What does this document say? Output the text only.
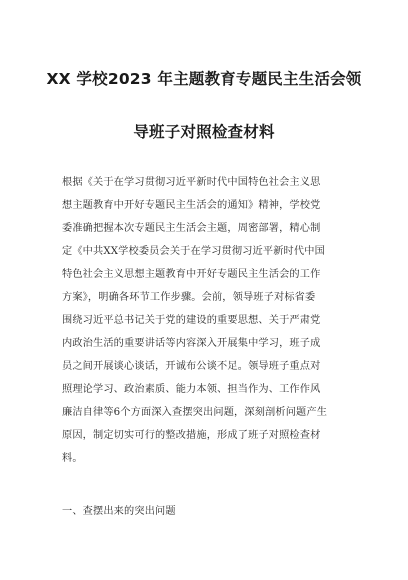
XX 学校2023 年主题教育专题民主生活会领
导班子对照检查材料
根据《关于在学习贯彻习近平新时代中国特色社会主义思
想主题教育中开好专题民主生活会的通知》精神，学校党
委准确把握本次专题民主生活会主题，周密部署，精心制
定《中共XX学校委员会关于在学习贯彻习近平新时代中国
特色社会主义思想主题教育中开好专题民主生活会的工作
方案》，明确各环节工作步骤。会前，领导班子对标省委
围绕习近平总书记关于党的建设的重要思想、关于严肃党
内政治生活的重要讲话等内容深入开展集中学习，班子成
员之间开展谈心谈话，开诚布公谈不足。领导班子重点对
照理论学习、政治素质、能力本领、担当作为、工作作风
廉洁自律等6个方面深入查摆突出问题，深刻剖析问题产生
原因，制定切实可行的整改措施，形成了班子对照检查材
料。
一、查摆出来的突出问题
